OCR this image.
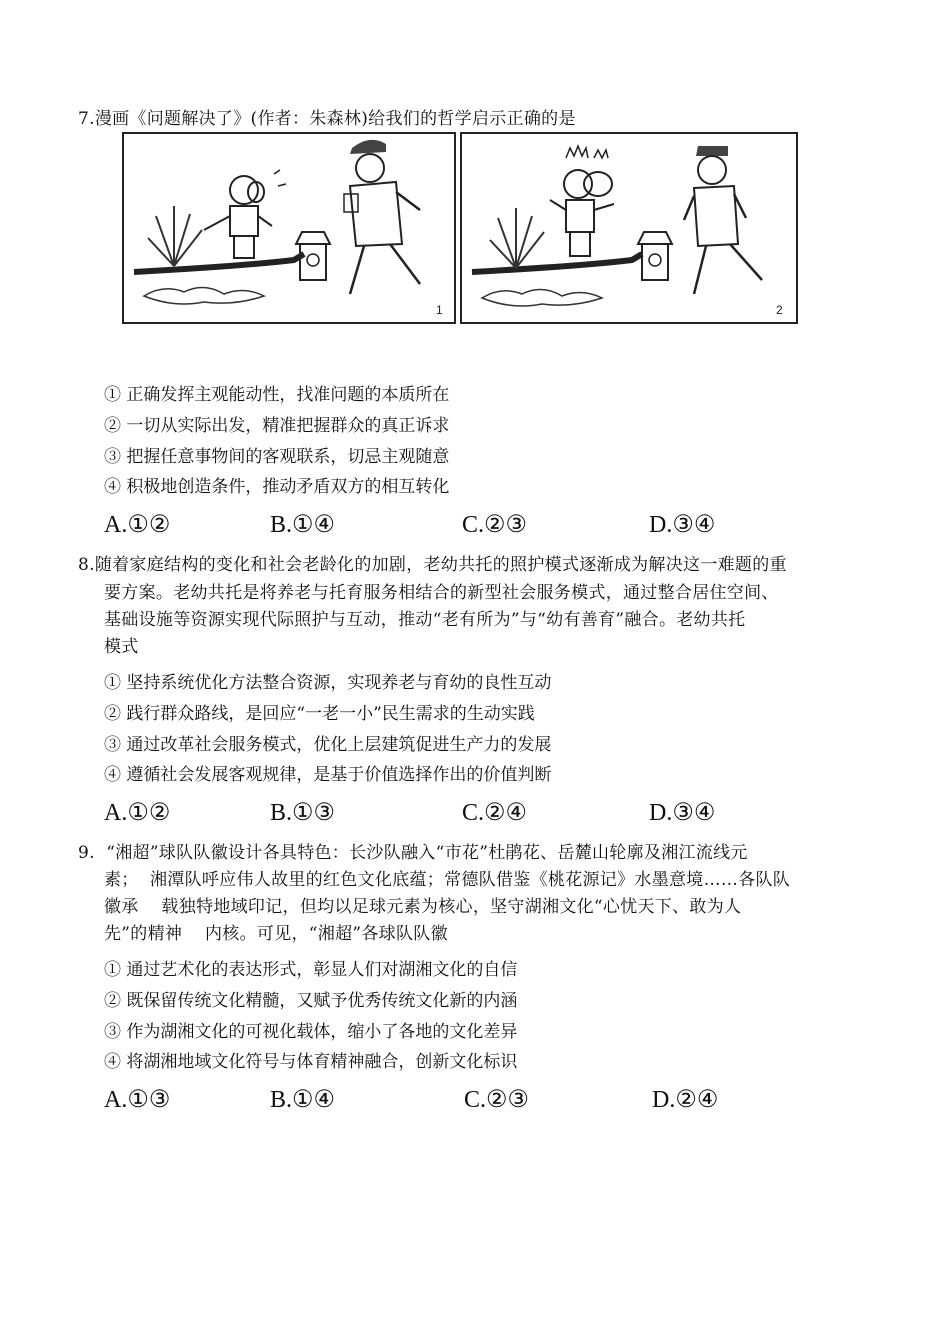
7.漫画《问题解决了》(作者：朱森林)给我们的哲学启示正确的是
1	2
① 正确发挥主观能动性，找准问题的本质所在
② 一切从实际出发，精准把握群众的真正诉求
③ 把握任意事物间的客观联系，切忌主观随意
④ 积极地创造条件，推动矛盾双方的相互转化
A.①②	B.①④	C.②③	D.③④
8.随着家庭结构的变化和社会老龄化的加剧，老幼共托的照护模式逐渐成为解决这一难题的重
要方案。老幼共托是将养老与托育服务相结合的新型社会服务模式，通过整合居住空间、
基础设施等资源实现代际照护与互动，推动“老有所为”与“幼有善育”融合。老幼共托
模式
① 坚持系统优化方法整合资源，实现养老与育幼的良性互动
② 践行群众路线，是回应“一老一小”民生需求的生动实践
③ 通过改革社会服务模式，优化上层建筑促进生产力的发展
④ 遵循社会发展客观规律，是基于价值选择作出的价值判断
A.①②	B.①③	C.②④	D.③④
9.  “湘超”球队队徽设计各具特色：长沙队融入“市花”杜鹃花、岳麓山轮廓及湘江流线元
素；  湘潭队呼应伟人故里的红色文化底蕴；常德队借鉴《桃花源记》水墨意境……各队队
徽承    载独特地域印记，但均以足球元素为核心，坚守湖湘文化“心忧天下、敢为人
先”的精神    内核。可见，“湘超”各球队队徽
① 通过艺术化的表达形式，彰显人们对湖湘文化的自信
② 既保留传统文化精髓，又赋予优秀传统文化新的内涵
③ 作为湖湘文化的可视化载体，缩小了各地的文化差异
④ 将湖湘地域文化符号与体育精神融合，创新文化标识
A.①③	B.①④	C.②③	D.②④
